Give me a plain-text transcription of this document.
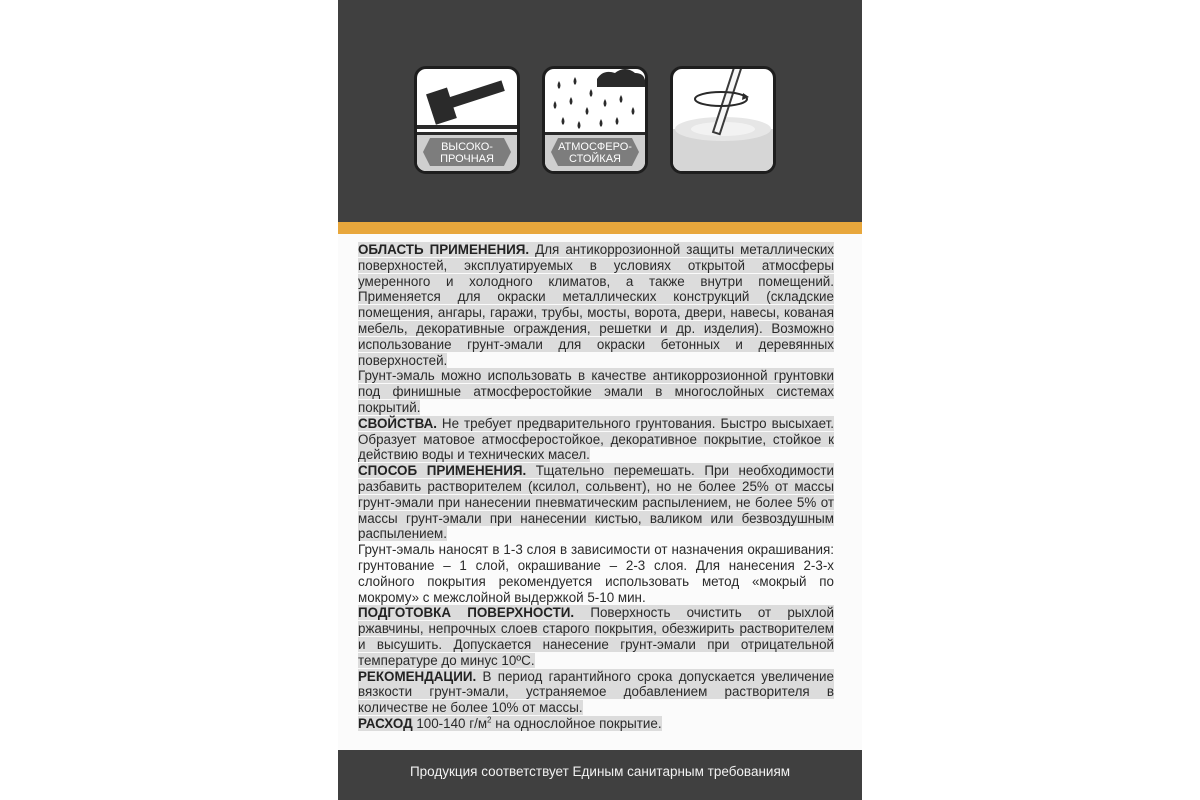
ВЫСОКО-
ПРОЧНАЯ
АТМОСФЕРО-
СТОЙКАЯ

ОБЛАСТЬ ПРИМЕНЕНИЯ. Для антикоррозионной защиты металлических поверхностей, эксплуатируемых в условиях открытой атмосферы умеренного и холодного климатов, а также внутри помещений. Применяется для окраски металлических конструкций (складские помещения, ангары, гаражи, трубы, мосты, ворота, двери, навесы, кованая мебель, декоративные ограждения, решетки и др. изделия). Возможно использование грунт-эмали для окраски бетонных и деревянных поверхностей.

Грунт-эмаль можно использовать в качестве антикоррозионной грунтовки под финишные атмосферостойкие эмали в многослойных системах покрытий.

СВОЙСТВА. Не требует предварительного грунтования. Быстро высыхает. Образует матовое атмосферостойкое, декоративное покрытие, стойкое к действию воды и технических масел.

СПОСОБ ПРИМЕНЕНИЯ. Тщательно перемешать. При необходимости разбавить растворителем (ксилол, сольвент), но не более 25% от массы грунт-эмали при нанесении пневматическим распылением, не более 5% от массы грунт-эмали при нанесении кистью, валиком или безвоздушным распылением.

Грунт-эмаль наносят в 1-3 слоя в зависимости от назначения окрашивания: грунтование – 1 слой, окрашивание – 2-3 слоя. Для нанесения 2-3-х слойного покрытия рекомендуется использовать метод «мокрый по мокрому» с межслойной выдержкой 5-10 мин.

ПОДГОТОВКА ПОВЕРХНОСТИ. Поверхность очистить от рыхлой ржавчины, непрочных слоев старого покрытия, обезжирить растворителем и высушить. Допускается нанесение грунт-эмали при отрицательной температуре до минус 10ºС.

РЕКОМЕНДАЦИИ. В период гарантийного срока допускается увеличение вязкости грунт-эмали, устраняемое добавлением растворителя в количестве не более 10% от массы.

РАСХОД 100-140 $г/м^2$ на однослойное покрытие.

Продукция соответствует Единым санитарным требованиям
